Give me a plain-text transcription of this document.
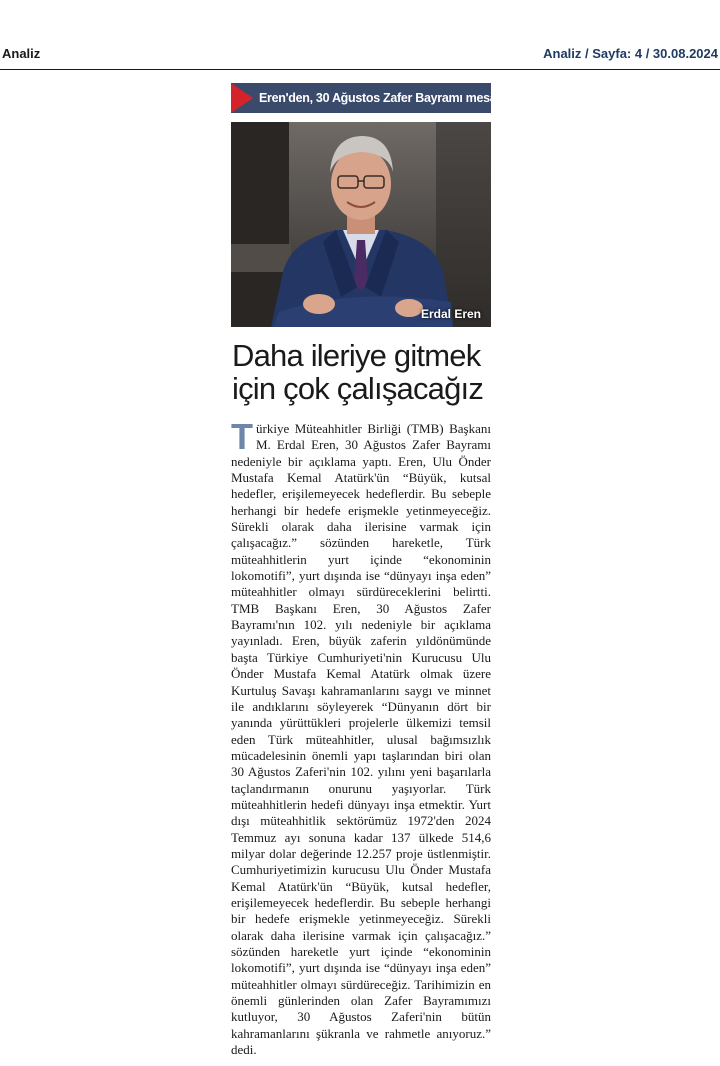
Analiz	Analiz / Sayfa: 4 / 30.08.2024
Eren'den, 30 Ağustos Zafer Bayramı mesajı
Erdal Eren
Daha ileriye gitmek için çok çalışacağız
T ürkiye Müteahhitler Birliği (TMB) Başkanı M. Erdal Eren, 30 Ağustos Zafer Bayramı nedeniyle bir açıklama yaptı. Eren, Ulu Önder Mustafa Kemal Atatürk'ün “Büyük, kutsal hedefler, erişilemeyecek hedeflerdir. Bu sebeple herhangi bir hedefe erişmekle yetinmeyeceğiz. Sürekli olarak daha ilerisine varmak için çalışacağız.” sözünden hareketle, Türk müteahhitlerin yurt içinde “ekonominin lokomotifi”, yurt dışında ise “dünyayı inşa eden” müteahhitler olmayı sürdüreceklerini belirtti. TMB Başkanı Eren, 30 Ağustos Zafer Bayramı'nın 102. yılı nedeniyle bir açıklama yayınladı. Eren, büyük zaferin yıldönümünde başta Türkiye Cumhuriyeti'nin Kurucusu Ulu Önder Mustafa Kemal Atatürk olmak üzere Kurtuluş Savaşı kahramanlarını saygı ve minnet ile andıklarını söyleyerek “Dünyanın dört bir yanında yürüttükleri projelerle ülkemizi temsil eden Türk müteahhitler, ulusal bağımsızlık mücadelesinin önemli yapı taşlarından biri olan 30 Ağustos Zaferi'nin 102. yılını yeni başarılarla taçlandırmanın onurunu yaşıyorlar. Türk müteahhitlerin hedefi dünyayı inşa etmektir. Yurt dışı müteahhitlik sektörümüz 1972'den 2024 Temmuz ayı sonuna kadar 137 ülkede 514,6 milyar dolar değerinde 12.257 proje üstlenmiştir. Cumhuriyetimizin kurucusu Ulu Önder Mustafa Kemal Atatürk'ün “Büyük, kutsal hedefler, erişilemeyecek hedeflerdir. Bu sebeple herhangi bir hedefe erişmekle yetinmeyeceğiz. Sürekli olarak daha ilerisine varmak için çalışacağız.” sözünden hareketle yurt içinde “ekonominin lokomotifi”, yurt dışında ise “dünyayı inşa eden” müteahhitler olmayı sürdüreceğiz. Tarihimizin en önemli günlerinden olan Zafer Bayramımızı kutluyor, 30 Ağustos Zaferi'nin bütün kahramanlarını şükranla ve rahmetle anıyoruz.” dedi.
